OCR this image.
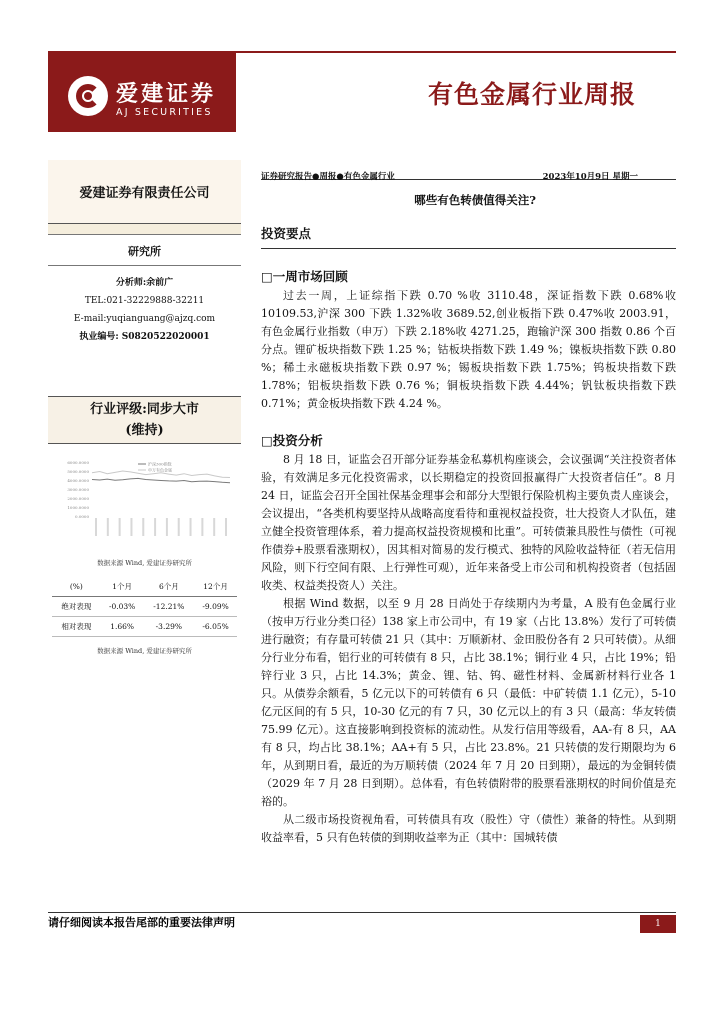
爱建证券
AJ SECURITIES
有色金属行业周报
爱建证券有限责任公司
研究所
分析师:余前广
TEL:021-32229888-32211
E-mail:yuqianguang@ajzq.com
执业编号: S0820522020001
行业评级:同步大市
(维持)
6000.0000
5000.0000
4000.0000
3000.0000
2000.0000
1000.0000
0.0000
沪深300指数
申万有色金属
数据来源 Wind, 爱建证券研究所
(%)	1个月	6个月	12个月
绝对表现	-0.03%	-12.21%	-9.09%
相对表现	1.66%	-3.29%	-6.05%
数据来源 Wind, 爱建证券研究所
证券研究报告●周报●有色金属行业	2023年10月9日 星期一
哪些有色转债值得关注?
投资要点
□一周市场回顾

过去一周，上证综指下跌 0.70 %收 3110.48，深证指数下跌 0.68%收 10109.53,沪深 300 下跌 1.32%收 3689.52,创业板指下跌 0.47%收 2003.91，有色金属行业指数（申万）下跌 2.18%收 4271.25，跑输沪深 300 指数 0.86 个百分点。锂矿板块指数下跌 1.25 %；钴板块指数下跌 1.49 %；镍板块指数下跌 0.80 %；稀土永磁板块指数下跌 0.97 %；锡板块指数下跌 1.75%；钨板块指数下跌 1.78%；铝板块指数下跌 0.76 %；铜板块指数下跌 4.44%；钒钛板块指数下跌 0.71%；黄金板块指数下跌 4.24 %。

□投资分析

8 月 18 日，证监会召开部分证券基金私募机构座谈会，会议强调“关注投资者体验，有效满足多元化投资需求，以长期稳定的投资回报赢得广大投资者信任”。8 月 24 日，证监会召开全国社保基金理事会和部分大型银行保险机构主要负责人座谈会，会议提出，“各类机构要坚持从战略高度看待和重视权益投资，壮大投资人才队伍，建立健全投资管理体系，着力提高权益投资规模和比重”。可转债兼具股性与债性（可视作债券+股票看涨期权），因其相对简易的发行模式、独特的风险收益特征（若无信用风险，则下行空间有限、上行弹性可观），近年来备受上市公司和机构投资者（包括固收类、权益类投资人）关注。

根据 Wind 数据，以至 9 月 28 日尚处于存续期内为考量，A 股有色金属行业（按申万行业分类口径）138 家上市公司中，有 19 家（占比 13.8%）发行了可转债进行融资；有存量可转债 21 只（其中：万顺新材、金田股份各有 2 只可转债）。从细分行业分布看，铝行业的可转债有 8 只，占比 38.1%；铜行业 4 只，占比 19%；铅锌行业 3 只，占比 14.3%；黄金、锂、钴、钨、磁性材料、金属新材料行业各 1 只。从债券余额看，5 亿元以下的可转债有 6 只（最低：中矿转债 1.1 亿元），5-10 亿元区间的有 5 只，10-30 亿元的有 7 只，30 亿元以上的有 3 只（最高：华友转债 75.99 亿元）。这直接影响到投资标的流动性。从发行信用等级看，AA-有 8 只，AA 有 8 只，均占比 38.1%；AA+有 5 只，占比 23.8%。21 只转债的发行期限均为 6 年，从到期日看，最近的为万顺转债（2024 年 7 月 20 日到期），最远的为金铜转债（2029 年 7 月 28 日到期）。总体看，有色转债附带的股票看涨期权的时间价值是充裕的。

从二级市场投资视角看，可转债具有攻（股性）守（债性）兼备的特性。从到期收益率看，5 只有色转债的到期收益率为正（其中：国城转债

请仔细阅读本报告尾部的重要法律声明	1
